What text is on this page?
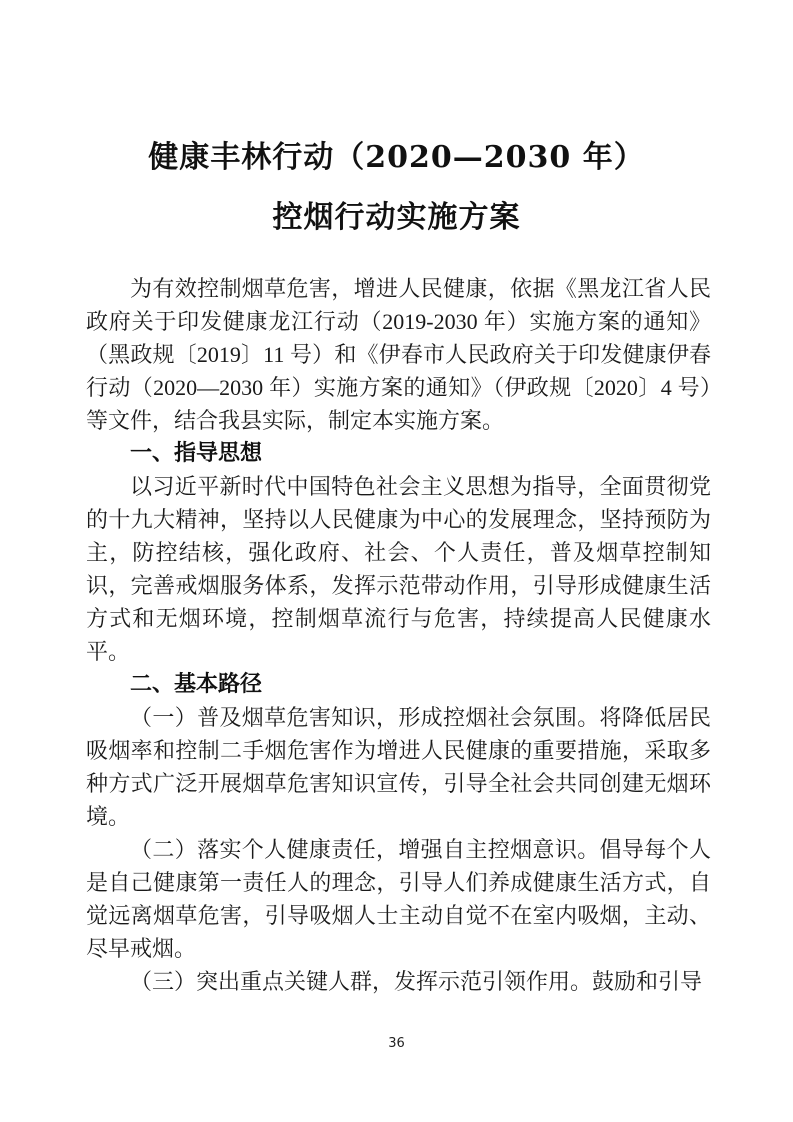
健康丰林行动（2020—2030 年）
控烟行动实施方案

为有效控制烟草危害，增进人民健康，依据《黑龙江省人民政府关于印发健康龙江行动（2019-2030 年）实施方案的通知》（黑政规〔2019〕11 号）和《伊春市人民政府关于印发健康伊春行动（2020—2030 年）实施方案的通知》（伊政规〔2020〕4 号）等文件，结合我县实际，制定本实施方案。

一、指导思想

以习近平新时代中国特色社会主义思想为指导，全面贯彻党的十九大精神，坚持以人民健康为中心的发展理念，坚持预防为主，防控结核，强化政府、社会、个人责任，普及烟草控制知识，完善戒烟服务体系，发挥示范带动作用，引导形成健康生活方式和无烟环境，控制烟草流行与危害，持续提高人民健康水平。

二、基本路径

（一）普及烟草危害知识，形成控烟社会氛围。将降低居民吸烟率和控制二手烟危害作为增进人民健康的重要措施，采取多种方式广泛开展烟草危害知识宣传，引导全社会共同创建无烟环境。

（二）落实个人健康责任，增强自主控烟意识。倡导每个人是自己健康第一责任人的理念，引导人们养成健康生活方式，自觉远离烟草危害，引导吸烟人士主动自觉不在室内吸烟，主动、尽早戒烟。

（三）突出重点关键人群，发挥示范引领作用。鼓励和引导

36
